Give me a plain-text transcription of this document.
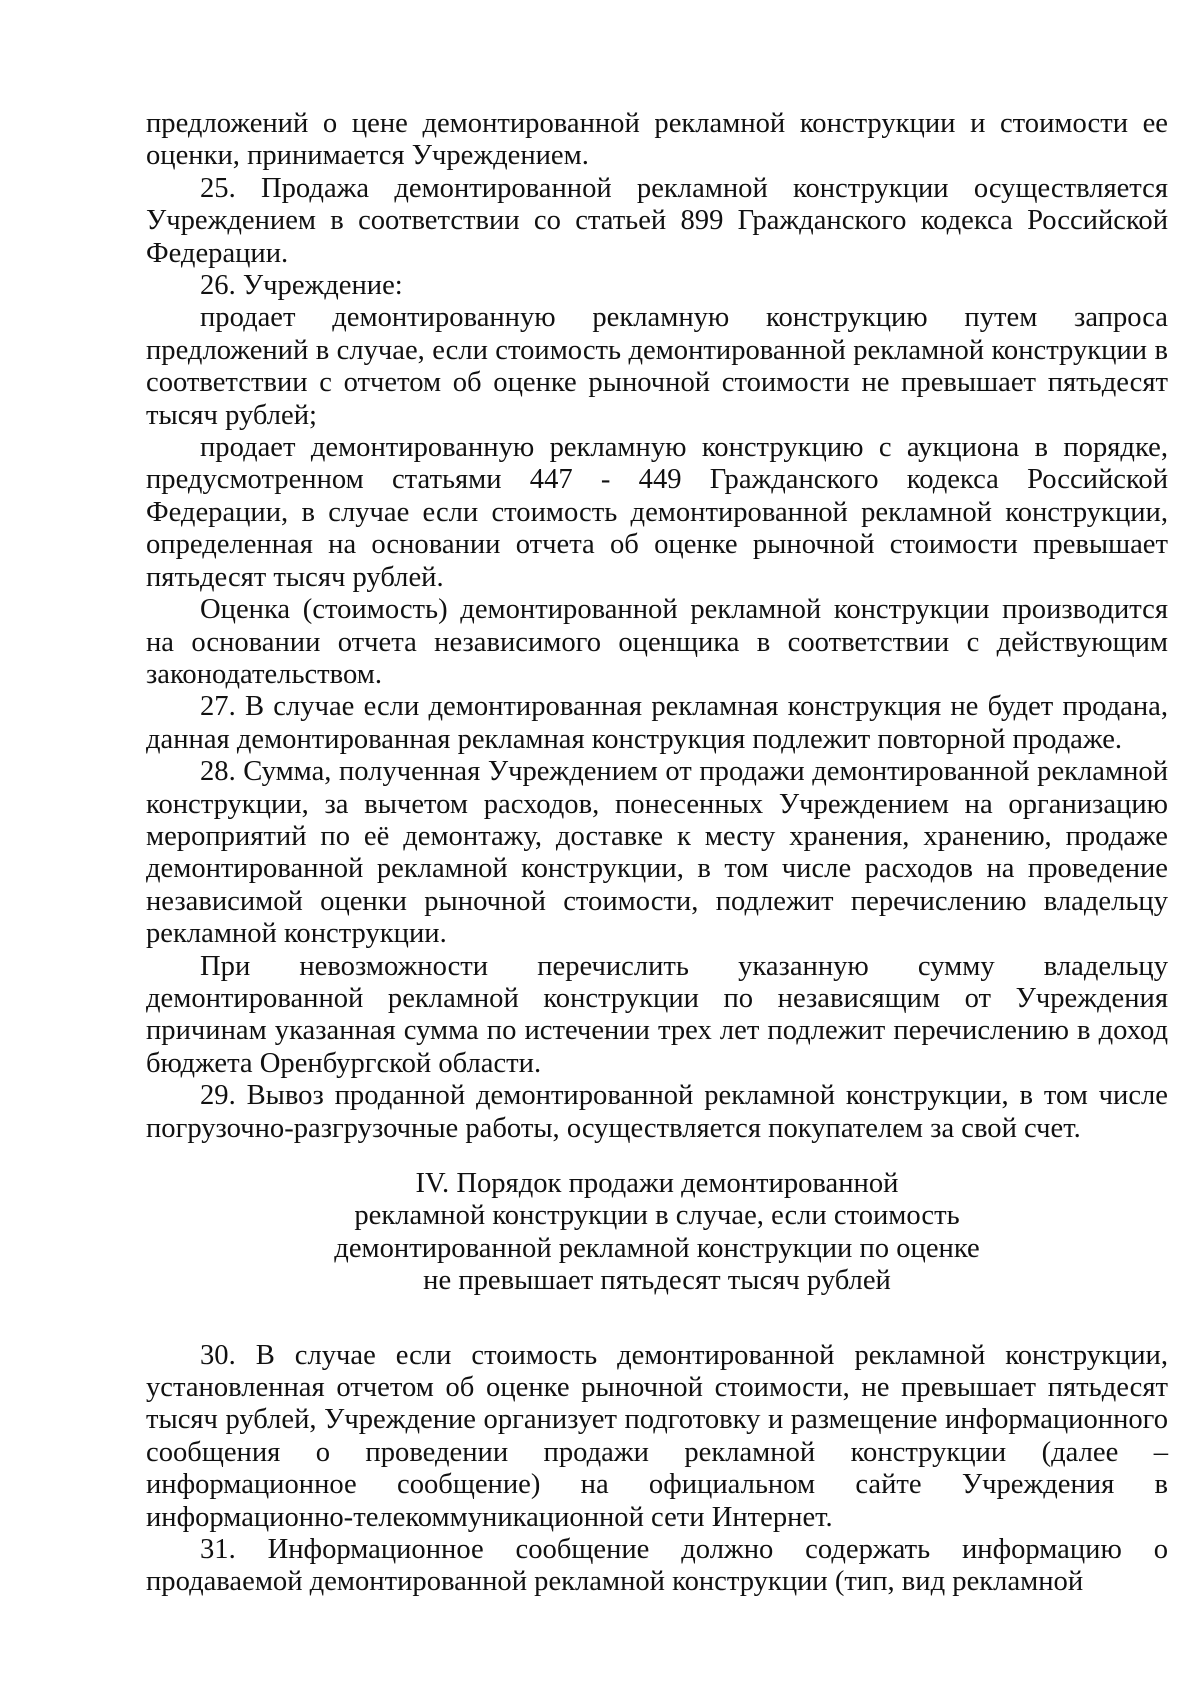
предложений о цене демонтированной рекламной конструкции и стоимости ее оценки, принимается Учреждением.

25. Продажа демонтированной рекламной конструкции осуществляется Учреждением в соответствии со статьей 899 Гражданского кодекса Российской Федерации.

26. Учреждение:

продает демонтированную рекламную конструкцию путем запроса предложений в случае, если стоимость демонтированной рекламной конструкции в соответствии с отчетом об оценке рыночной стоимости не превышает пятьдесят тысяч рублей;

продает демонтированную рекламную конструкцию с аукциона в порядке, предусмотренном статьями 447 - 449 Гражданского кодекса Российской Федерации, в случае если стоимость демонтированной рекламной конструкции, определенная на основании отчета об оценке рыночной стоимости превышает пятьдесят тысяч рублей.

Оценка (стоимость) демонтированной рекламной конструкции производится на основании отчета независимого оценщика в соответствии с действующим законодательством.

27. В случае если демонтированная рекламная конструкция не будет продана, данная демонтированная рекламная конструкция подлежит повторной продаже.

28. Сумма, полученная Учреждением от продажи демонтированной рекламной конструкции, за вычетом расходов, понесенных Учреждением на организацию мероприятий по её демонтажу, доставке к месту хранения, хранению, продаже демонтированной рекламной конструкции, в том числе расходов на проведение независимой оценки рыночной стоимости, подлежит перечислению владельцу рекламной конструкции.

При невозможности перечислить указанную сумму владельцу демонтированной рекламной конструкции по независящим от Учреждения причинам указанная сумма по истечении трех лет подлежит перечислению в доход бюджета Оренбургской области.

29. Вывоз проданной демонтированной рекламной конструкции, в том числе погрузочно-разгрузочные работы, осуществляется покупателем за свой счет.

IV. Порядок продажи демонтированной
рекламной конструкции в случае, если стоимость
демонтированной рекламной конструкции по оценке
не превышает пятьдесят тысяч рублей

30. В случае если стоимость демонтированной рекламной конструкции, установленная отчетом об оценке рыночной стоимости, не превышает пятьдесят тысяч рублей, Учреждение организует подготовку и размещение информационного сообщения о проведении продажи рекламной конструкции (далее – информационное сообщение) на официальном сайте Учреждения в информационно-телекоммуникационной сети Интернет.

31. Информационное сообщение должно содержать информацию о продаваемой демонтированной рекламной конструкции (тип, вид рекламной
